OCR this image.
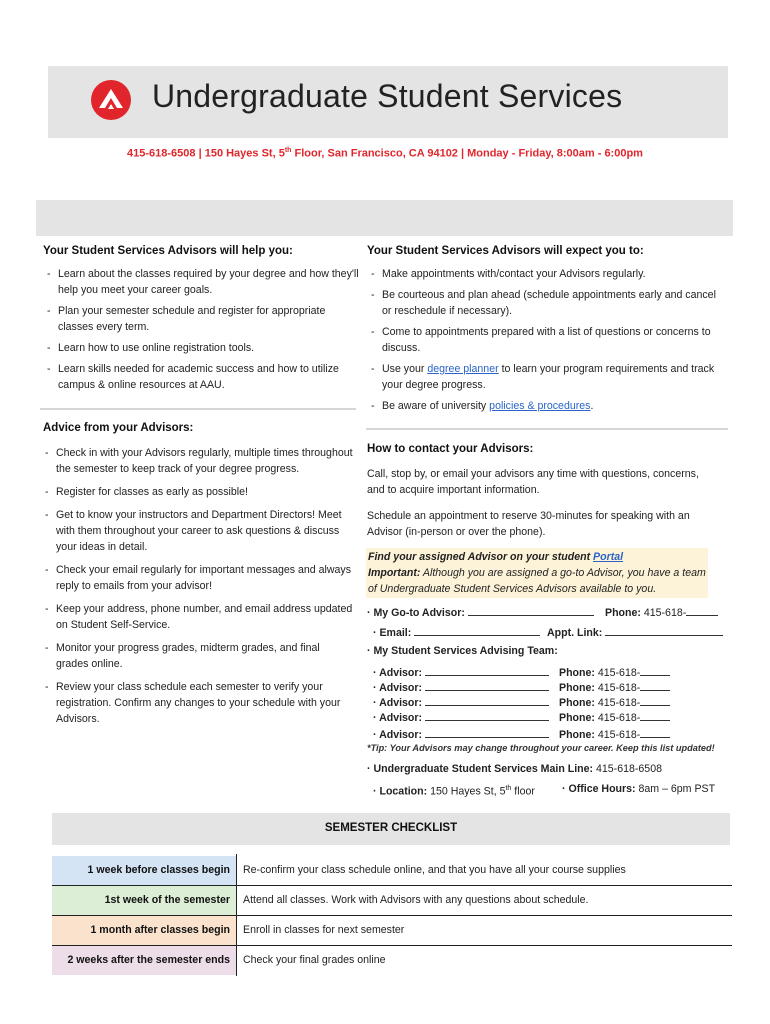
Undergraduate Student Services
415-618-6508 | 150 Hayes St, 5th Floor, San Francisco, CA 94102 | Monday - Friday, 8:00am - 6:00pm
Your Student Services Advisors will help you:
- Learn about the classes required by your degree and how they'll help you meet your career goals.
- Plan your semester schedule and register for appropriate classes every term.
- Learn how to use online registration tools.
- Learn skills needed for academic success and how to utilize campus & online resources at AAU.
Your Student Services Advisors will expect you to:
- Make appointments with/contact your Advisors regularly.
- Be courteous and plan ahead (schedule appointments early and cancel or reschedule if necessary).
- Come to appointments prepared with a list of questions or concerns to discuss.
- Use your degree planner to learn your program requirements and track your degree progress.
- Be aware of university policies & procedures.
Advice from your Advisors:
- Check in with your Advisors regularly, multiple times throughout the semester to keep track of your degree progress.
- Register for classes as early as possible!
- Get to know your instructors and Department Directors! Meet with them throughout your career to ask questions & discuss your ideas in detail.
- Check your email regularly for important messages and always reply to emails from your advisor!
- Keep your address, phone number, and email address updated on Student Self-Service.
- Monitor your progress grades, midterm grades, and final grades online.
- Review your class schedule each semester to verify your registration. Confirm any changes to your schedule with your Advisors.
How to contact your Advisors:
Call, stop by, or email your advisors any time with questions, concerns, and to acquire important information.
Schedule an appointment to reserve 30-minutes for speaking with an Advisor (in-person or over the phone).
Find your assigned Advisor on your student Portal
Important: Although you are assigned a go-to Advisor, you have a team of Undergraduate Student Services Advisors available to you.
· My Go-to Advisor:	Phone: 415-618-
· Email:	Appt. Link:
· My Student Services Advising Team:
· Advisor:	Phone: 415-618-
· Advisor:	Phone: 415-618-
· Advisor:	Phone: 415-618-
· Advisor:	Phone: 415-618-
· Advisor:	Phone: 415-618-
*Tip: Your Advisors may change throughout your career. Keep this list updated!
· Undergraduate Student Services Main Line: 415-618-6508
· Location: 150 Hayes St, 5th floor	· Office Hours: 8am – 6pm PST
SEMESTER CHECKLIST
1 week before classes begin	Re-confirm your class schedule online, and that you have all your course supplies
1st week of the semester	Attend all classes. Work with Advisors with any questions about schedule.
1 month after classes begin	Enroll in classes for next semester
2 weeks after the semester ends	Check your final grades online
